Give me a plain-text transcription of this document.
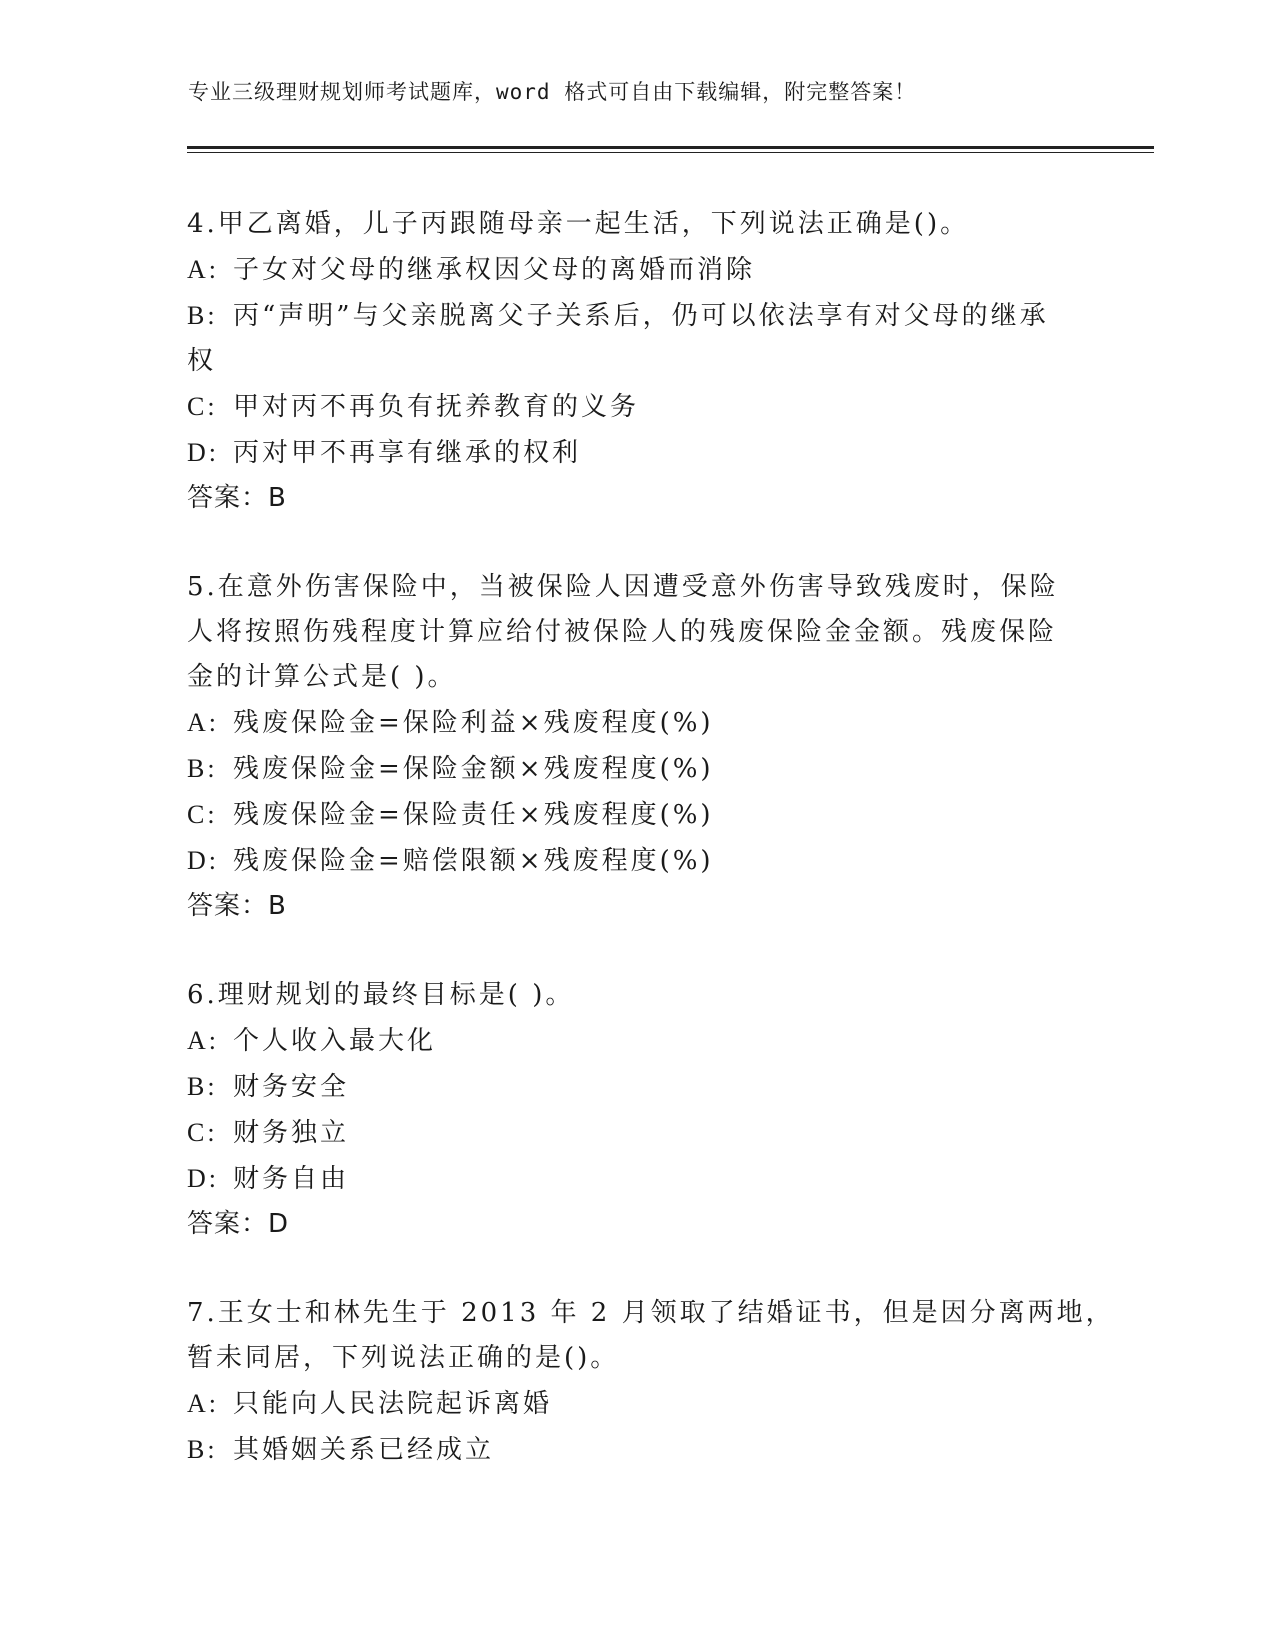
专业三级理财规划师考试题库，word 格式可自由下载编辑，附完整答案！
4.甲乙离婚，儿子丙跟随母亲一起生活，下列说法正确是()。
A: 子女对父母的继承权因父母的离婚而消除
B: 丙“声明”与父亲脱离父子关系后，仍可以依法享有对父母的继承
权
C: 甲对丙不再负有抚养教育的义务
D: 丙对甲不再享有继承的权利
答案：B
5.在意外伤害保险中，当被保险人因遭受意外伤害导致残废时，保险
人将按照伤残程度计算应给付被保险人的残废保险金金额。残废保险
金的计算公式是( )。
A: 残废保险金=保险利益×残废程度(%)
B: 残废保险金=保险金额×残废程度(%)
C: 残废保险金=保险责任×残废程度(%)
D: 残废保险金=赔偿限额×残废程度(%)
答案：B
6.理财规划的最终目标是( )。
A: 个人收入最大化
B: 财务安全
C: 财务独立
D: 财务自由
答案：D
7.王女士和林先生于 2013 年 2 月领取了结婚证书，但是因分离两地，
暂未同居，下列说法正确的是()。
A: 只能向人民法院起诉离婚
B: 其婚姻关系已经成立
